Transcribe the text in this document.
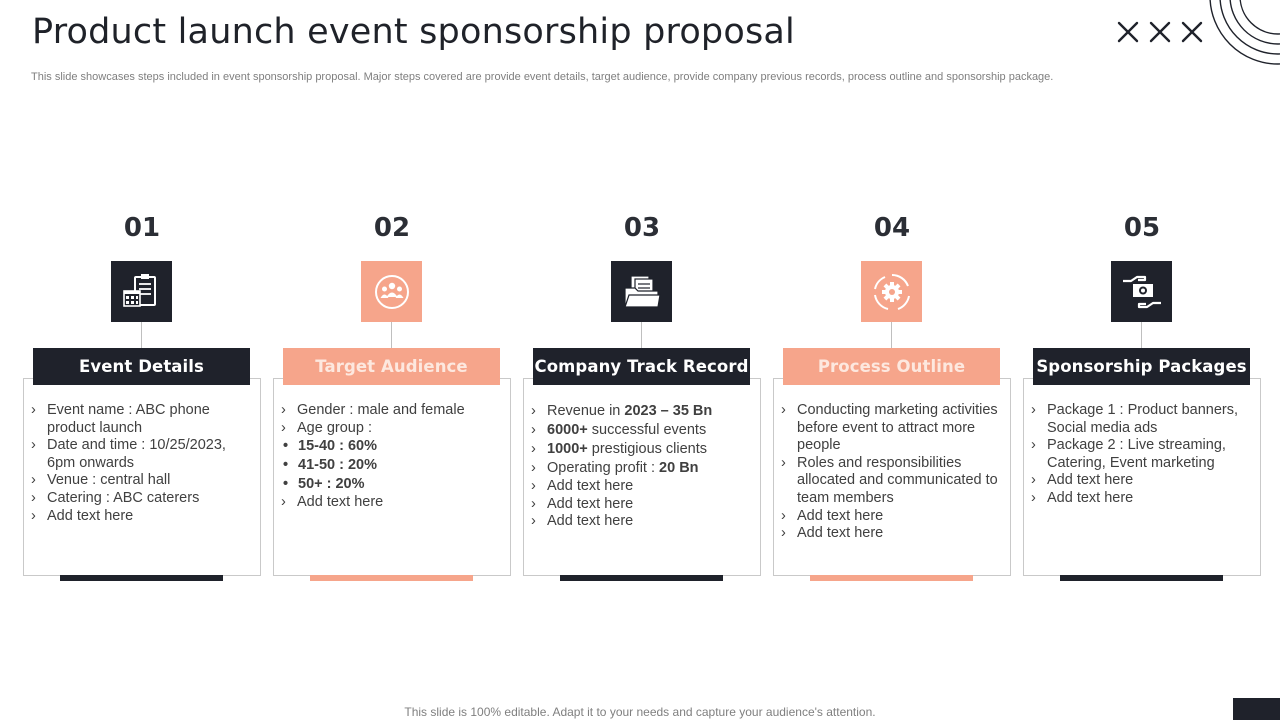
Product launch event sponsorship proposal
This slide showcases steps included in event sponsorship proposal. Major steps covered are provide event details, target audience, provide company previous records, process outline and sponsorship package.
01
Event Details
› Event name : ABC phone product launch
› Date and time : 10/25/2023, 6pm onwards
› Venue : central hall
› Catering : ABC caterers
› Add text here
02
Target Audience
› Gender : male and female
› Age group :
• 15-40 : 60%
• 41-50 : 20%
• 50+ : 20%
› Add text here
03
Company Track Record
› Revenue in 2023 – 35 Bn
› 6000+ successful events
› 1000+ prestigious clients
› Operating profit : 20 Bn
› Add text here
› Add text here
› Add text here
04
Process Outline
› Conducting marketing activities before event to attract more people
› Roles and responsibilities allocated and communicated to team members
› Add text here
› Add text here
05
Sponsorship Packages
› Package 1 : Product banners, Social media ads
› Package 2 : Live streaming, Catering, Event marketing
› Add text here
› Add text here
This slide is 100% editable. Adapt it to your needs and capture your audience's attention.
